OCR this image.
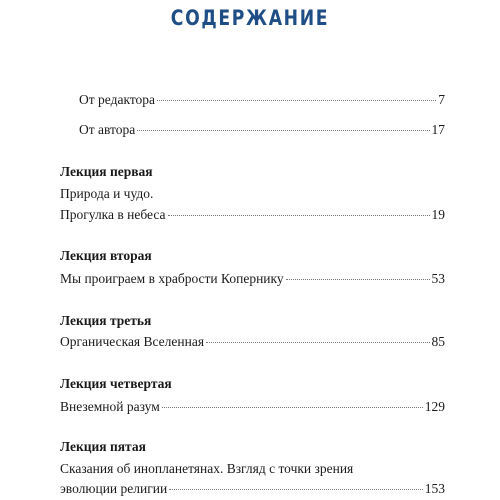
СОДЕРЖАНИЕ
От редактора	7
От автора	17
Лекция первая
Природа и чудо.
Прогулка в небеса	19
Лекция вторая
Мы проиграем в храбрости Копернику	53
Лекция третья
Органическая Вселенная	85
Лекция четвертая
Внеземной разум	129
Лекция пятая
Сказания об инопланетянах. Взгляд с точки зрения
эволюции религии	153
